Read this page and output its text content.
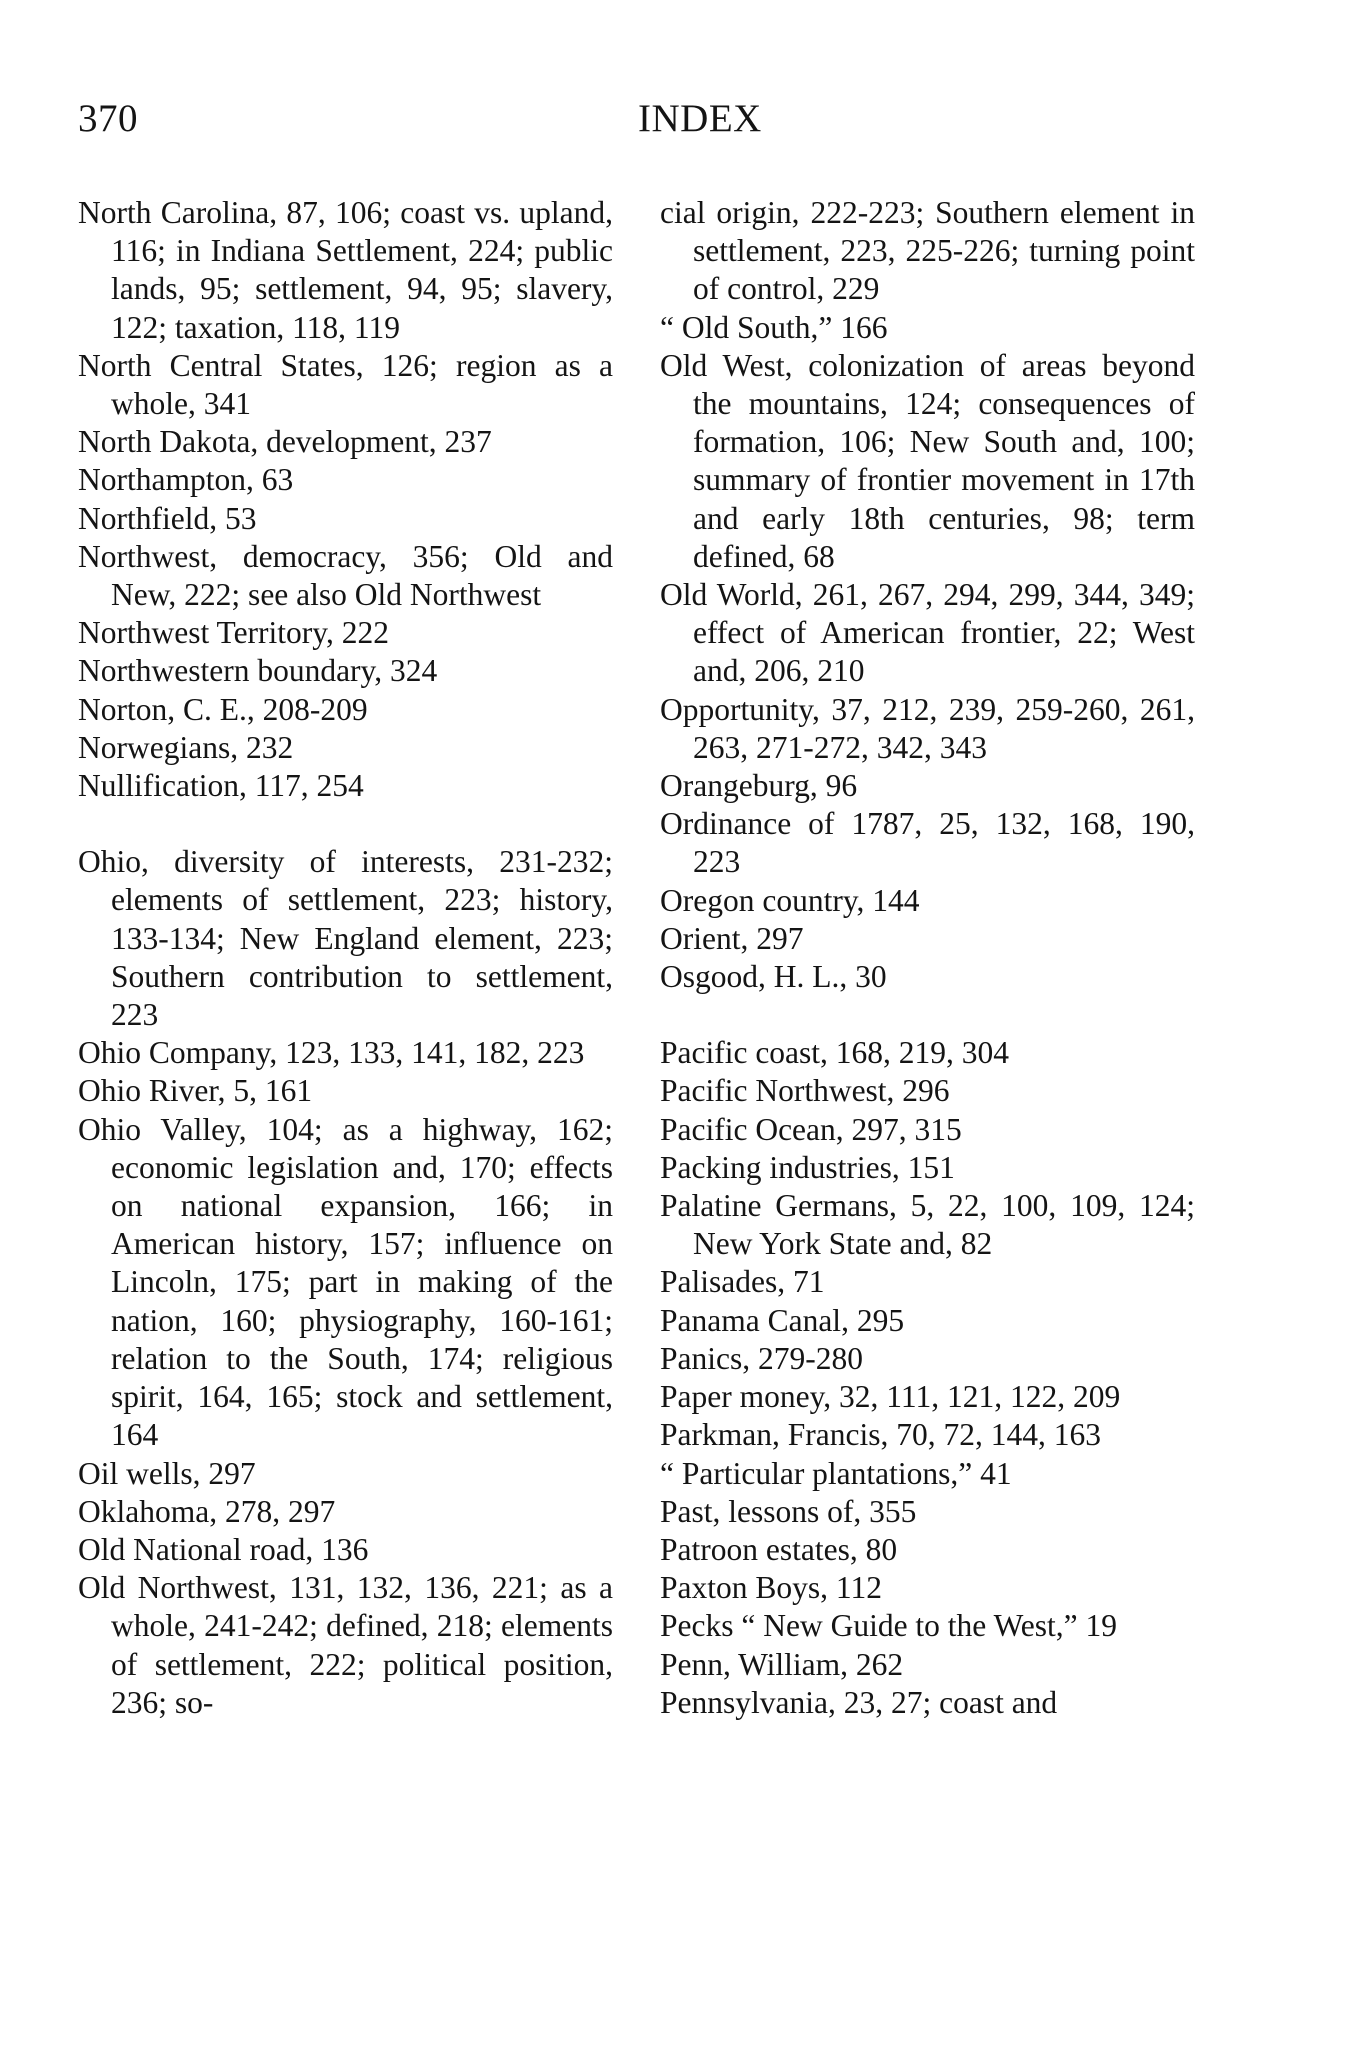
370	INDEX
North Carolina, 87, 106; coast vs. upland, 116; in Indiana Settlement, 224; public lands, 95; settlement, 94, 95; slavery, 122; taxation, 118, 119
North Central States, 126; region as a whole, 341
North Dakota, development, 237
Northampton, 63
Northfield, 53
Northwest, democracy, 356; Old and New, 222; see also Old Northwest
Northwest Territory, 222
Northwestern boundary, 324
Norton, C. E., 208-209
Norwegians, 232
Nullification, 117, 254
Ohio, diversity of interests, 231-232; elements of settlement, 223; history, 133-134; New England element, 223; Southern contribution to settlement, 223
Ohio Company, 123, 133, 141, 182, 223
Ohio River, 5, 161
Ohio Valley, 104; as a highway, 162; economic legislation and, 170; effects on national expansion, 166; in American history, 157; influence on Lincoln, 175; part in making of the nation, 160; physiography, 160-161; relation to the South, 174; religious spirit, 164, 165; stock and settlement, 164
Oil wells, 297
Oklahoma, 278, 297
Old National road, 136
Old Northwest, 131, 132, 136, 221; as a whole, 241-242; defined, 218; elements of settlement, 222; political position, 236; so-
cial origin, 222-223; Southern element in settlement, 223, 225-226; turning point of control, 229
“ Old South,” 166
Old West, colonization of areas beyond the mountains, 124; consequences of formation, 106; New South and, 100; summary of frontier movement in 17th and early 18th centuries, 98; term defined, 68
Old World, 261, 267, 294, 299, 344, 349; effect of American frontier, 22; West and, 206, 210
Opportunity, 37, 212, 239, 259-260, 261, 263, 271-272, 342, 343
Orangeburg, 96
Ordinance of 1787, 25, 132, 168, 190, 223
Oregon country, 144
Orient, 297
Osgood, H. L., 30
Pacific coast, 168, 219, 304
Pacific Northwest, 296
Pacific Ocean, 297, 315
Packing industries, 151
Palatine Germans, 5, 22, 100, 109, 124; New York State and, 82
Palisades, 71
Panama Canal, 295
Panics, 279-280
Paper money, 32, 111, 121, 122, 209
Parkman, Francis, 70, 72, 144, 163
“ Particular plantations,” 41
Past, lessons of, 355
Patroon estates, 80
Paxton Boys, 112
Pecks “ New Guide to the West,” 19
Penn, William, 262
Pennsylvania, 23, 27; coast and
